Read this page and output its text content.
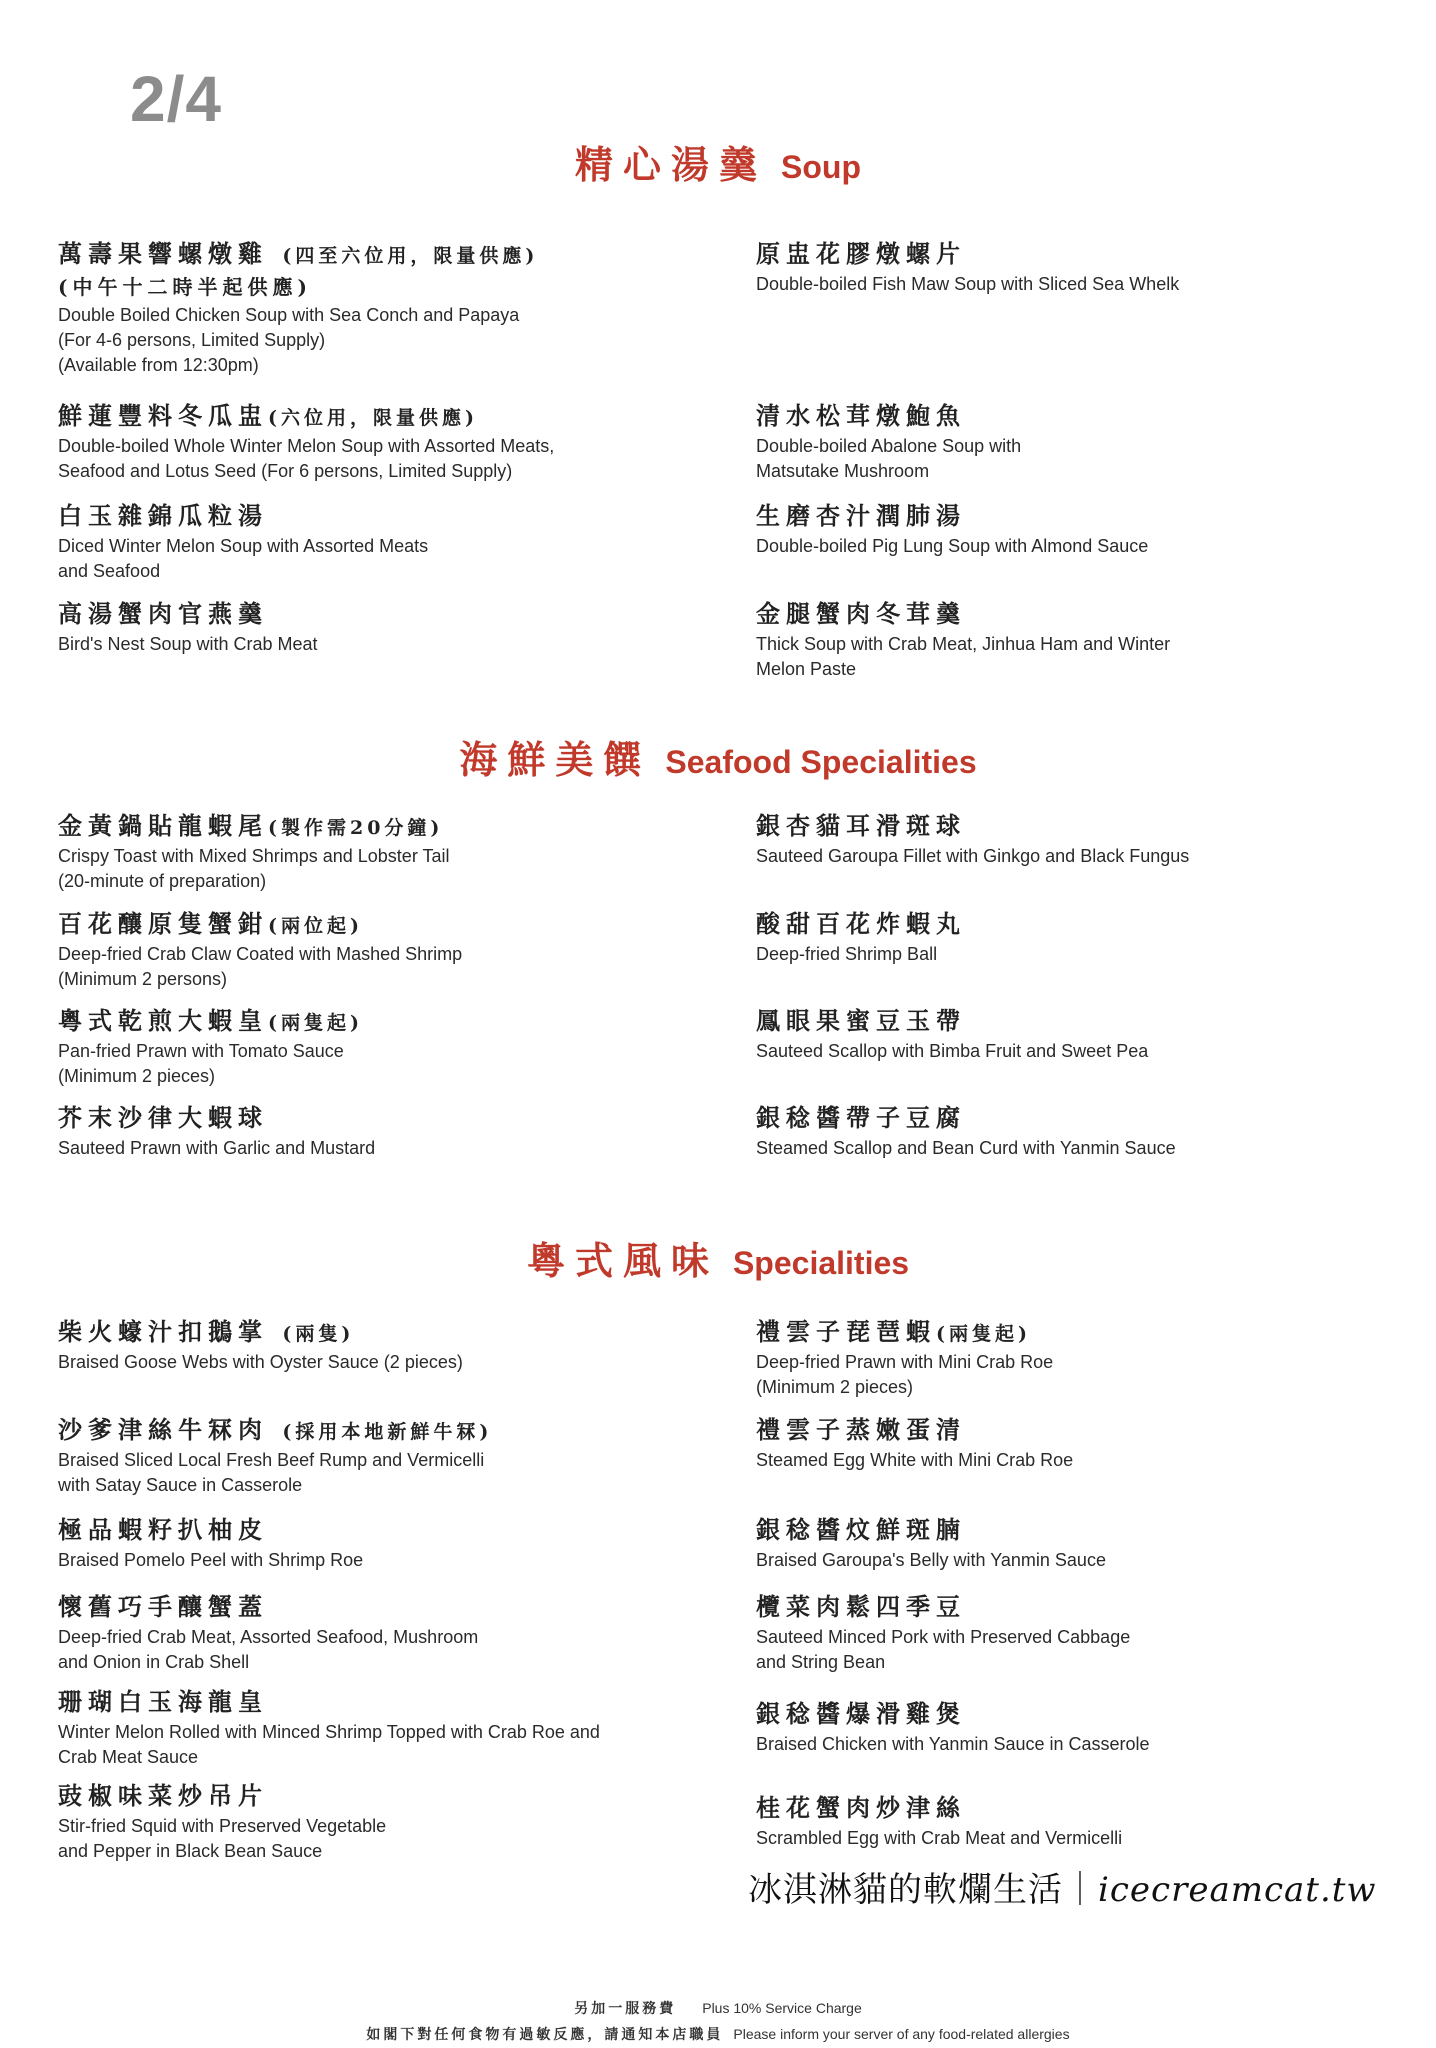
2/4
精心湯羹 Soup
萬壽果響螺燉雞 (四至六位用，限量供應)
(中午十二時半起供應)
Double Boiled Chicken Soup with Sea Conch and Papaya
(For 4-6 persons, Limited Supply)
(Available from 12:30pm)
原盅花膠燉螺片
Double-boiled Fish Maw Soup with Sliced Sea Whelk
鮮蓮豐料冬瓜盅(六位用，限量供應)
Double-boiled Whole Winter Melon Soup with Assorted Meats,
Seafood and Lotus Seed (For 6 persons, Limited Supply)
清水松茸燉鮑魚
Double-boiled Abalone Soup with
Matsutake Mushroom
白玉雜錦瓜粒湯
Diced Winter Melon Soup with Assorted Meats
and Seafood
生磨杏汁潤肺湯
Double-boiled Pig Lung Soup with Almond Sauce
高湯蟹肉官燕羹
Bird's Nest Soup with Crab Meat
金腿蟹肉冬茸羹
Thick Soup with Crab Meat, Jinhua Ham and Winter
Melon Paste
海鮮美饌 Seafood Specialities
金黃鍋貼龍蝦尾(製作需20分鐘)
Crispy Toast with Mixed Shrimps and Lobster Tail
(20-minute of preparation)
銀杏貓耳滑斑球
Sauteed Garoupa Fillet with Ginkgo and Black Fungus
百花釀原隻蟹鉗(兩位起)
Deep-fried Crab Claw Coated with Mashed Shrimp
(Minimum 2 persons)
酸甜百花炸蝦丸
Deep-fried Shrimp Ball
粵式乾煎大蝦皇(兩隻起)
Pan-fried Prawn with Tomato Sauce
(Minimum 2 pieces)
鳳眼果蜜豆玉帶
Sauteed Scallop with Bimba Fruit and Sweet Pea
芥末沙律大蝦球
Sauteed Prawn with Garlic and Mustard
銀稔醬帶子豆腐
Steamed Scallop and Bean Curd with Yanmin Sauce
粵式風味 Specialities
柴火蠔汁扣鵝掌 (兩隻)
Braised Goose Webs with Oyster Sauce (2 pieces)
禮雲子琵琶蝦(兩隻起)
Deep-fried Prawn with Mini Crab Roe
(Minimum 2 pieces)
沙爹津絲牛冧肉 (採用本地新鮮牛冧)
Braised Sliced Local Fresh Beef Rump and Vermicelli
with Satay Sauce in Casserole
禮雲子蒸嫩蛋清
Steamed Egg White with Mini Crab Roe
極品蝦籽扒柚皮
Braised Pomelo Peel with Shrimp Roe
銀稔醬炆鮮斑腩
Braised Garoupa's Belly with Yanmin Sauce
懷舊巧手釀蟹蓋
Deep-fried Crab Meat, Assorted Seafood, Mushroom
and Onion in Crab Shell
欖菜肉鬆四季豆
Sauteed Minced Pork with Preserved Cabbage
and String Bean
珊瑚白玉海龍皇
Winter Melon Rolled with Minced Shrimp Topped with Crab Roe and
Crab Meat Sauce
銀稔醬爆滑雞煲
Braised Chicken with Yanmin Sauce in Casserole
豉椒味菜炒吊片
Stir-fried Squid with Preserved Vegetable
and Pepper in Black Bean Sauce
桂花蟹肉炒津絲
Scrambled Egg with Crab Meat and Vermicelli
冰淇淋貓的軟爛生活｜icecreamcat.tw
另加一服務費 Plus 10% Service Charge
如閣下對任何食物有過敏反應，請通知本店職員 Please inform your server of any food-related allergies
